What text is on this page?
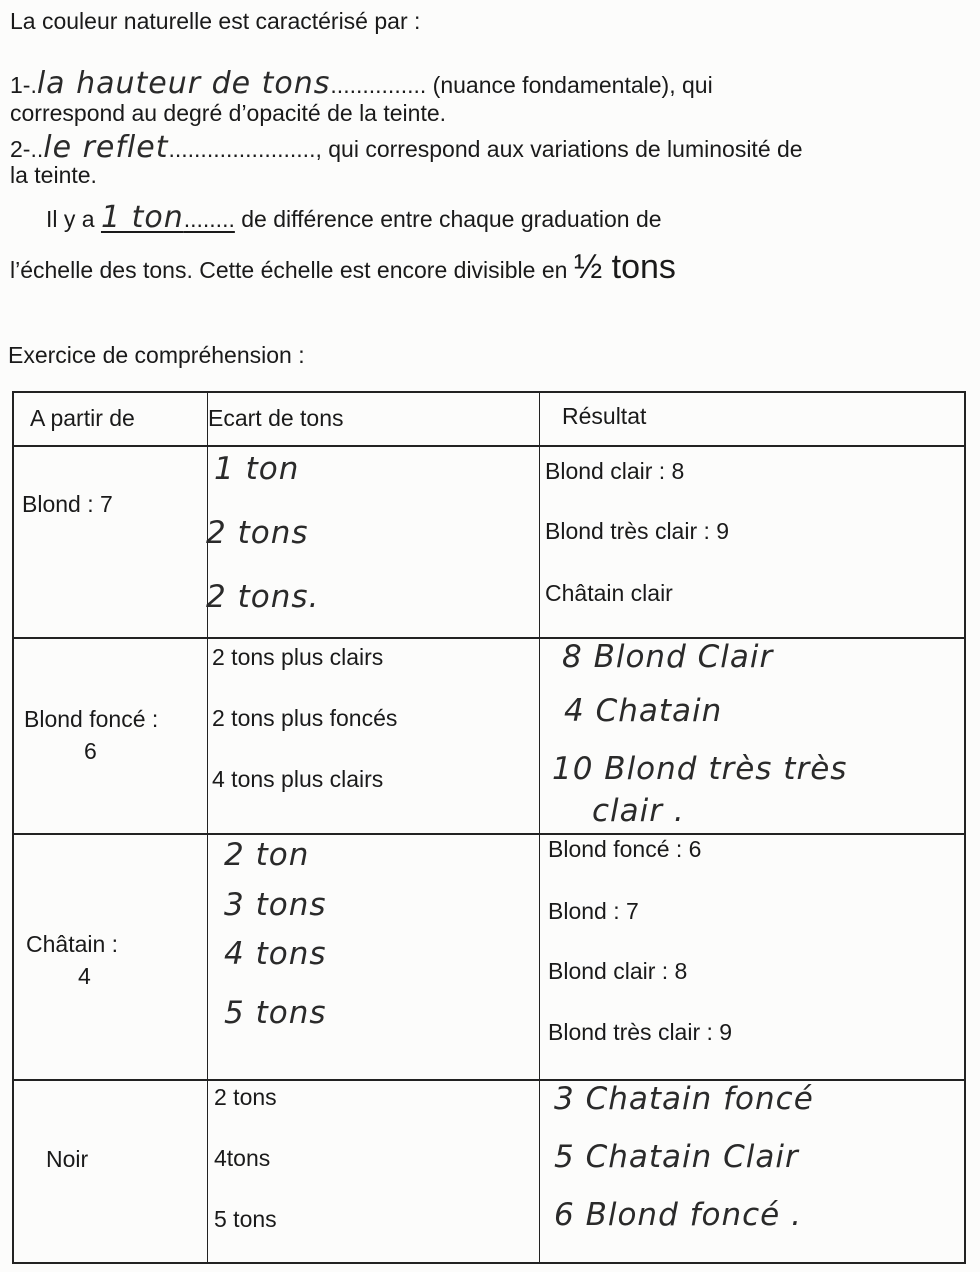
La couleur naturelle est caractérisé par :
1-.la hauteur de tons............... (nuance fondamentale), qui
correspond au degré d’opacité de la teinte.
2-..le reflet......................., qui correspond aux variations de luminosité de
la teinte.
Il y a 1 ton........ de différence entre chaque graduation de
l’échelle des tons. Cette échelle est encore divisible en ½ tons
Exercice de compréhension :
A partir de	Ecart de tons	Résultat
Blond : 7
1 ton
2 tons
2 tons.
Blond clair : 8
Blond très clair : 9
Châtain clair
Blond foncé :
6
2 tons plus clairs
2 tons plus foncés
4 tons plus clairs
8 Blond Clair
4 Chatain
10 Blond très très
clair .
Châtain :
4
2 ton
3 tons
4 tons
5 tons
Blond foncé : 6
Blond : 7
Blond clair : 8
Blond très clair : 9
Noir
2 tons
4tons
5 tons
3 Chatain foncé
5 Chatain Clair
6 Blond foncé .
